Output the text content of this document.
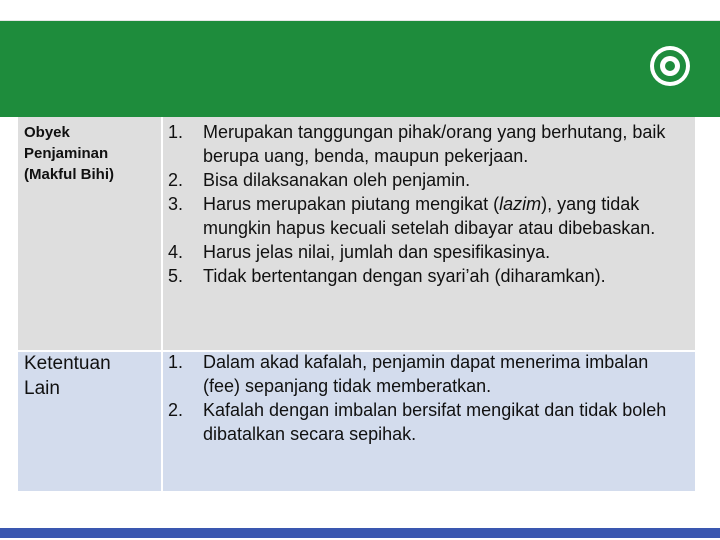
Obyek
Penjaminan
(Makful Bihi)
1. Merupakan tanggungan pihak/orang yang berhutang, baik berupa uang, benda, maupun pekerjaan.
2. Bisa dilaksanakan oleh penjamin.
3. Harus merupakan piutang mengikat (lazim), yang tidak mungkin hapus kecuali setelah dibayar atau dibebaskan.
4. Harus jelas nilai, jumlah dan spesifikasinya.
5. Tidak bertentangan dengan syari’ah (diharamkan).
Ketentuan
Lain
1. Dalam akad kafalah, penjamin dapat menerima imbalan (fee) sepanjang tidak memberatkan.
2. Kafalah dengan imbalan bersifat mengikat dan tidak boleh dibatalkan secara sepihak.
